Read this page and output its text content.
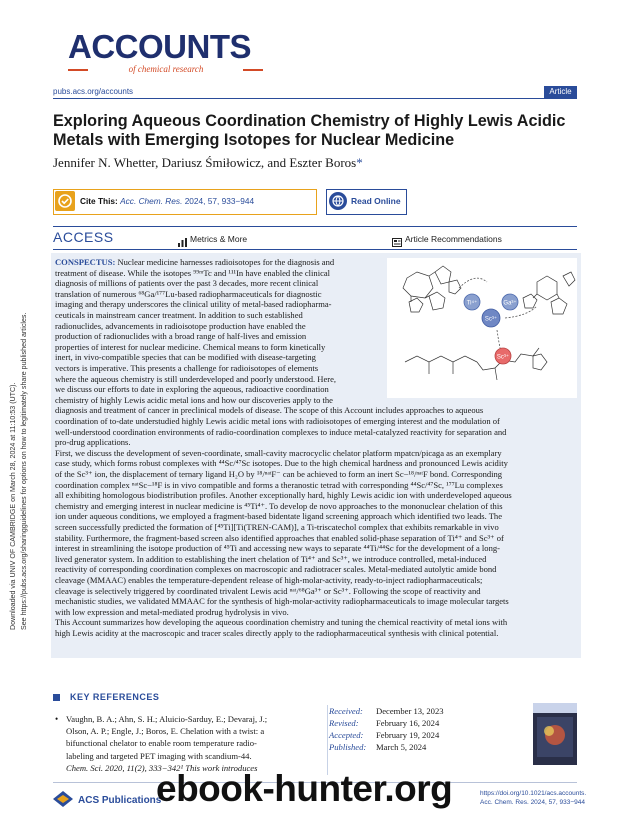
Downloaded via UNIV OF CAMBRIDGE on March 28, 2024 at 11:10:53 (UTC). See https://pubs.acs.org/sharingguidelines for options on how to legitimately share published articles.
ACCOUNTS
of chemical research
pubs.acs.org/accounts	Article
Exploring Aqueous Coordination Chemistry of Highly Lewis Acidic Metals with Emerging Isotopes for Nuclear Medicine
Jennifer N. Whetter, Dariusz Śmiłowicz, and Eszter Boros*
Cite This: Acc. Chem. Res. 2024, 57, 933−944	Read Online
ACCESS	Metrics & More	Article Recommendations
CONSPECTUS: Nuclear medicine harnesses radioisotopes for the diagnosis and
treatment of disease. While the isotopes ⁹⁹ᵐTc and ¹¹¹In have enabled the clinical
diagnosis of millions of patients over the past 3 decades, more recent clinical
translation of numerous ⁶⁸Ga/¹⁷⁷Lu-based radiopharmaceuticals for diagnostic
imaging and therapy underscores the clinical utility of metal-based radiopharma-
ceuticals in mainstream cancer treatment. In addition to such established
radionuclides, advancements in radioisotope production have enabled the
production of radionuclides with a broad range of half-lives and emission
properties of interest for nuclear medicine. Chemical means to form kinetically
inert, in vivo-compatible species that can be modified with disease-targeting
vectors is imperative. This presents a challenge for radioisotopes of elements
where the aqueous chemistry is still underdeveloped and poorly understood. Here,
we discuss our efforts to date in exploring the aqueous, radioactive coordination
chemistry of highly Lewis acidic metal ions and how our discoveries apply to the
diagnosis and treatment of cancer in preclinical models of disease. The scope of this Account includes approaches to aqueous
coordination of to-date understudied highly Lewis acidic metal ions with radioisotopes of emerging interest and the modulation of
well-understood coordination environments of radio-coordination complexes to induce metal-catalyzed reactivity for separation and
pro-drug applications.
First, we discuss the development of seven-coordinate, small-cavity macrocyclic chelator platform mpatcn/picaga as an exemplary
case study, which forms robust complexes with ⁴⁴Sc/⁴⁷Sc isotopes. Due to the high chemical hardness and pronounced Lewis acidity
of the Sc³⁺ ion, the displacement of ternary ligand H₂O by ¹⁸/ⁿᵃᵗF⁻ can be achieved to form an inert Sc−¹⁸/ⁿᵃᵗF bond. Corresponding
coordination complex ⁿᵃᵗSc−¹⁸F is in vivo compatible and forms a theranostic tetrad with corresponding ⁴⁴Sc/⁴⁷Sc, ¹⁷⁷Lu complexes
all exhibiting homologous biodistribution profiles. Another exceptionally hard, highly Lewis acidic ion with underdeveloped aqueous
chemistry and emerging interest in nuclear medicine is ⁴⁵Ti⁴⁺. To develop de novo approaches to the mononuclear chelation of this
ion under aqueous conditions, we employed a fragment-based bidentate ligand screening approach which identified two leads. The
screen successfully predicted the formation of [⁴⁵Ti][Ti(TREN-CAM)], a Ti-triscatechol complex that exhibits remarkable in vivo
stability. Furthermore, the fragment-based screen also identified approaches that enabled solid-phase separation of Ti⁴⁺ and Sc³⁺ of
interest in streamlining the isotope production of ⁴⁵Ti and accessing new ways to separate ⁴⁴Ti/⁴⁴Sc for the development of a long-
lived generator system. In addition to establishing the inert chelation of Ti⁴⁺ and Sc³⁺, we introduce controlled, metal-induced
reactivity of corresponding coordination complexes on macroscopic and radiotracer scales. Metal-mediated autolytic amide bond
cleavage (MMAAC) enables the temperature-dependent release of high-molar-activity, ready-to-inject radiopharmaceuticals;
cleavage is selectively triggered by coordinated trivalent Lewis acid ⁿᵃᵗ/⁶⁸Ga³⁺ or Sc³⁺. Following the scope of reactivity and
mechanistic studies, we validated MMAAC for the synthesis of high-molar-activity radiopharmaceuticals to image molecular targets
with low expression and metal-mediated prodrug hydrolysis in vivo.
This Account summarizes how developing the aqueous coordination chemistry and tuning the chemical reactivity of metal ions with
high Lewis acidity at the macroscopic and tracer scales directly apply to the radiopharmaceutical synthesis with clinical potential.
Ti⁴⁺	Ga³⁺
Sc³⁺
Sc³⁺
KEY REFERENCES
• Vaughn, B. A.; Ahn, S. H.; Aluicio-Sarduy, E.; Devaraj, J.;
Olson, A. P.; Engle, J.; Boros, E. Chelation with a twist: a
bifunctional chelator to enable room temperature radio-
labeling and targeted PET imaging with scandium-44.
Chem. Sci. 2020, 11(2), 333−342¹ This work introduces
Received: December 13, 2023
Revised: February 16, 2024
Accepted: February 19, 2024
Published: March 5, 2024
ACS Publications
https://doi.org/10.1021/acs.accounts.
Acc. Chem. Res. 2024, 57, 933−944
ebook-hunter.org
